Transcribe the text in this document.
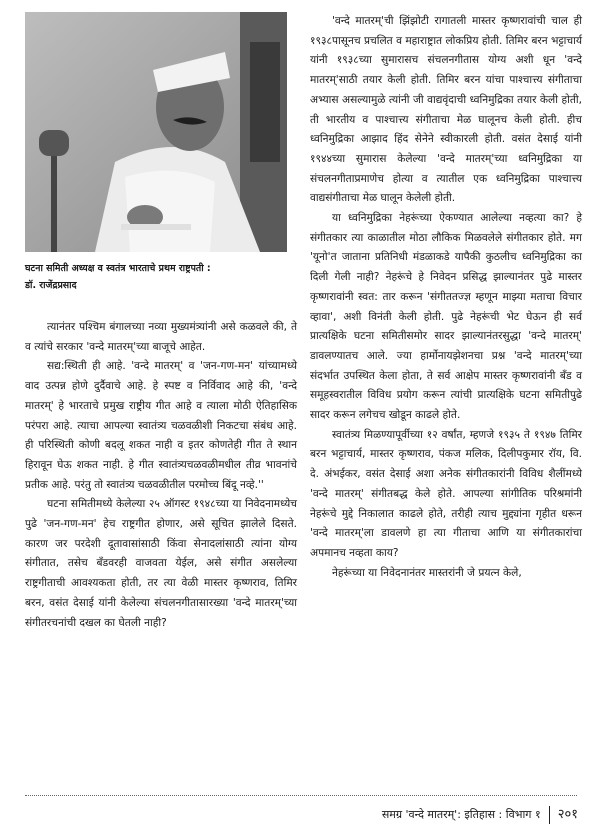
घटना समिती अध्यक्ष व स्वतंत्र भारताचे प्रथम राष्ट्रपती :
डॉ. राजेंद्रप्रसाद

त्यानंतर पश्चिम बंगालच्या नव्या मुख्यमंत्र्यांनी असे कळवले की, ते व त्यांचे सरकार 'वन्दे मातरम्'च्या बाजूचे आहेत.

सद्य:स्थिती ही आहे. 'वन्दे मातरम्' व 'जन-गण-मन' यांच्यामध्ये वाद उत्पन्न होणे दुर्दैवाचे आहे. हे स्पष्ट व निर्विवाद आहे की, 'वन्दे मातरम्' हे भारताचे प्रमुख राष्ट्रीय गीत आहे व त्याला मोठी ऐतिहासिक परंपरा आहे. त्याचा आपल्या स्वातंत्र्य चळवळीशी निकटचा संबंध आहे. ही परिस्थिती कोणी बदलू शकत नाही व इतर कोणतेही गीत ते स्थान हिरावून घेऊ शकत नाही. हे गीत स्वातंत्र्यचळवळीमधील तीव्र भावनांचे प्रतीक आहे. परंतु तो स्वातंत्र्य चळवळीतील परमोच्च बिंदू नव्हे.''

घटना समितीमध्ये केलेल्या २५ ऑगस्ट १९४८च्या या निवेदनामध्येच पुढे 'जन-गण-मन' हेच राष्ट्रगीत होणार, असे सूचित झालेले दिसते. कारण जर परदेशी दूतावासांसाठी किंवा सेनादलांसाठी त्यांना योग्य संगीतात, तसेच बँडवरही वाजवता येईल, असे संगीत असलेल्या राष्ट्रगीताची आवश्यकता होती, तर त्या वेळी मास्तर कृष्णराव, तिमिर बरन, वसंत देसाई यांनी केलेल्या संचलनगीतासारख्या 'वन्दे मातरम्'च्या संगीतरचनांची दखल का घेतली नाही?

'वन्दे मातरम्'ची झिंझोटी रागातली मास्तर कृष्णरावांची चाल ही १९३८पासूनच प्रचलित व महाराष्ट्रात लोकप्रिय होती. तिमिर बरन भट्टाचार्य यांनी १९३८च्या सुमारासच संचलनगीतास योग्य अशी धून 'वन्दे मातरम्'साठी तयार केली होती. तिमिर बरन यांचा पाश्चात्त्य संगीताचा अभ्यास असल्यामुळे त्यांनी जी वाद्यवृंदाची ध्वनिमुद्रिका तयार केली होती, ती भारतीय व पाश्चात्त्य संगीताचा मेळ घालूनच केली होती. हीच ध्वनिमुद्रिका आझाद हिंद सेनेने स्वीकारली होती. वसंत देसाई यांनी १९४४च्या सुमारास केलेल्या 'वन्दे मातरम्'च्या ध्वनिमुद्रिका या संचलनगीताप्रमाणेच होत्या व त्यातील एक ध्वनिमुद्रिका पाश्चात्त्य वाद्यसंगीताचा मेळ घालून केलेली होती.

या ध्वनिमुद्रिका नेहरूंच्या ऐकण्यात आलेल्या नव्हत्या का? हे संगीतकार त्या काळातील मोठा लौकिक मिळवलेले संगीतकार होते. मग 'यूनो'त जाताना प्रतिनिधी मंडळाकडे यापैकी कुठलीच ध्वनिमुद्रिका का दिली गेली नाही? नेहरूंचे हे निवेदन प्रसिद्ध झाल्यानंतर पुढे मास्तर कृष्णरावांनी स्वत: तार करून 'संगीततज्ज्ञ म्हणून माझ्या मताचा विचार व्हावा', अशी विनंती केली होती. पुढे नेहरूंची भेट घेऊन ही सर्व प्रात्यक्षिके घटना समितीसमोर सादर झाल्यानंतरसुद्धा 'वन्दे मातरम्' डावलण्यातच आले. ज्या हार्मोनायझेशनचा प्रश्न 'वन्दे मातरम्'च्या संदर्भात उपस्थित केला होता, ते सर्व आक्षेप मास्तर कृष्णरावांनी बँड व समूहस्वरातील विविध प्रयोग करून त्यांची प्रात्यक्षिके घटना समितीपुढे सादर करून लगेचच खोडून काढले होते.

स्वातंत्र्य मिळण्यापूर्वीच्या १२ वर्षांत, म्हणजे १९३५ ते १९४७ तिमिर बरन भट्टाचार्य, मास्तर कृष्णराव, पंकज मलिक, दिलीपकुमार रॉय, वि. दे. अंभईकर, वसंत देसाई अशा अनेक संगीतकारांनी विविध शैलींमध्ये 'वन्दे मातरम्' संगीतबद्ध केले होते. आपल्या सांगीतिक परिश्रमांनी नेहरूंचे मुद्दे निकालात काढले होते, तरीही त्याच मुद्द्यांना गृहीत धरून 'वन्दे मातरम्'ला डावलणे हा त्या गीताचा आणि या संगीतकारांचा अपमानच नव्हता काय?

नेहरूंच्या या निवेदनानंतर मास्तरांनी जे प्रयत्न केले,

समग्र 'वन्दे मातरम्': इतिहास : विभाग १ २०१
